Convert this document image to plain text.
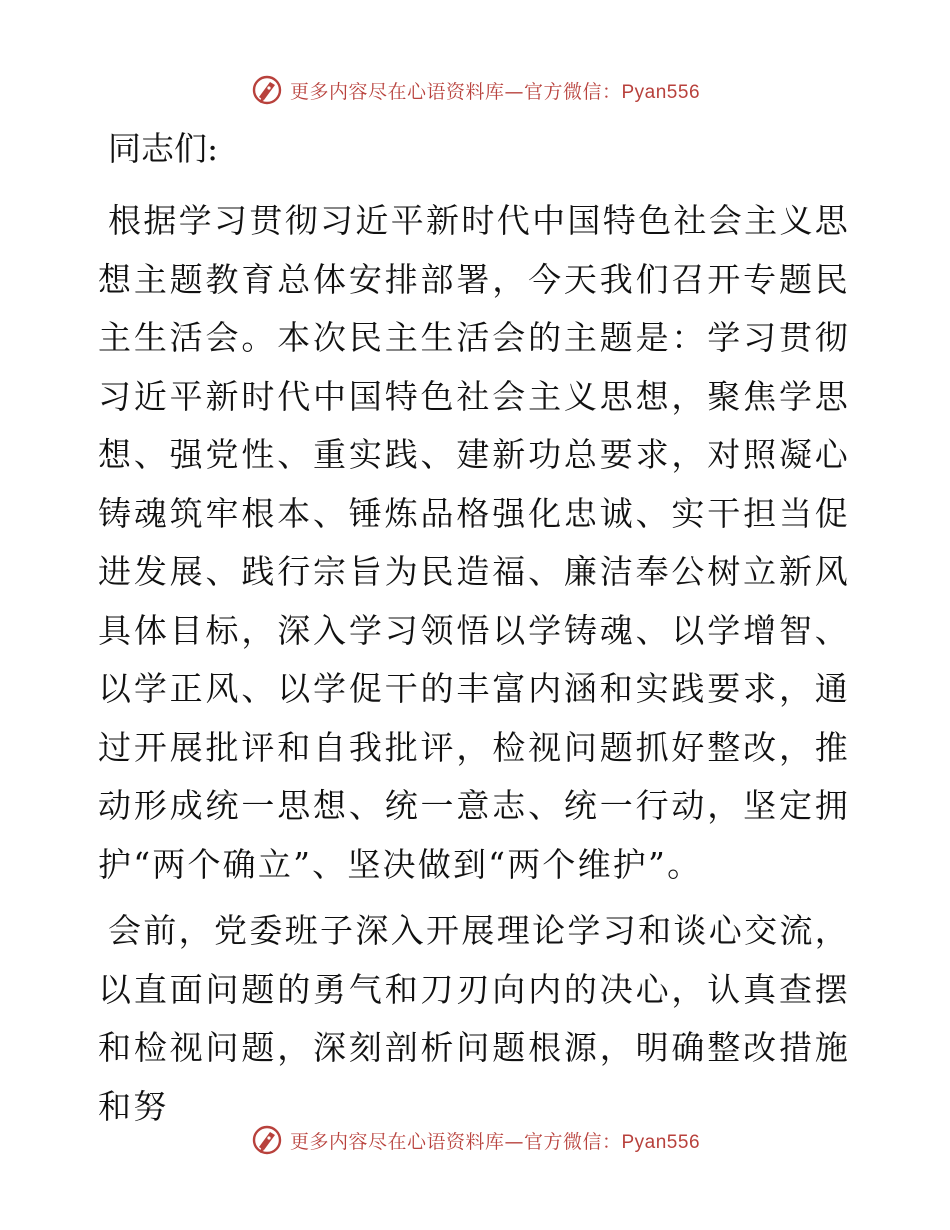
更多内容尽在心语资料库—官方微信：Pyan556
同志们:

根据学习贯彻习近平新时代中国特色社会主义思想主题教育总体安排部署，今天我们召开专题民主生活会。本次民主生活会的主题是：学习贯彻习近平新时代中国特色社会主义思想，聚焦学思想、强党性、重实践、建新功总要求，对照凝心铸魂筑牢根本、锤炼品格强化忠诚、实干担当促进发展、践行宗旨为民造福、廉洁奉公树立新风具体目标，深入学习领悟以学铸魂、以学增智、以学正风、以学促干的丰富内涵和实践要求，通过开展批评和自我批评，检视问题抓好整改，推动形成统一思想、统一意志、统一行动，坚定拥护“两个确立”、坚决做到“两个维护”。

会前，党委班子深入开展理论学习和谈心交流，以直面问题的勇气和刀刃向内的决心，认真查摆和检视问题，深刻剖析问题根源，明确整改措施和努

更多内容尽在心语资料库—官方微信：Pyan556
